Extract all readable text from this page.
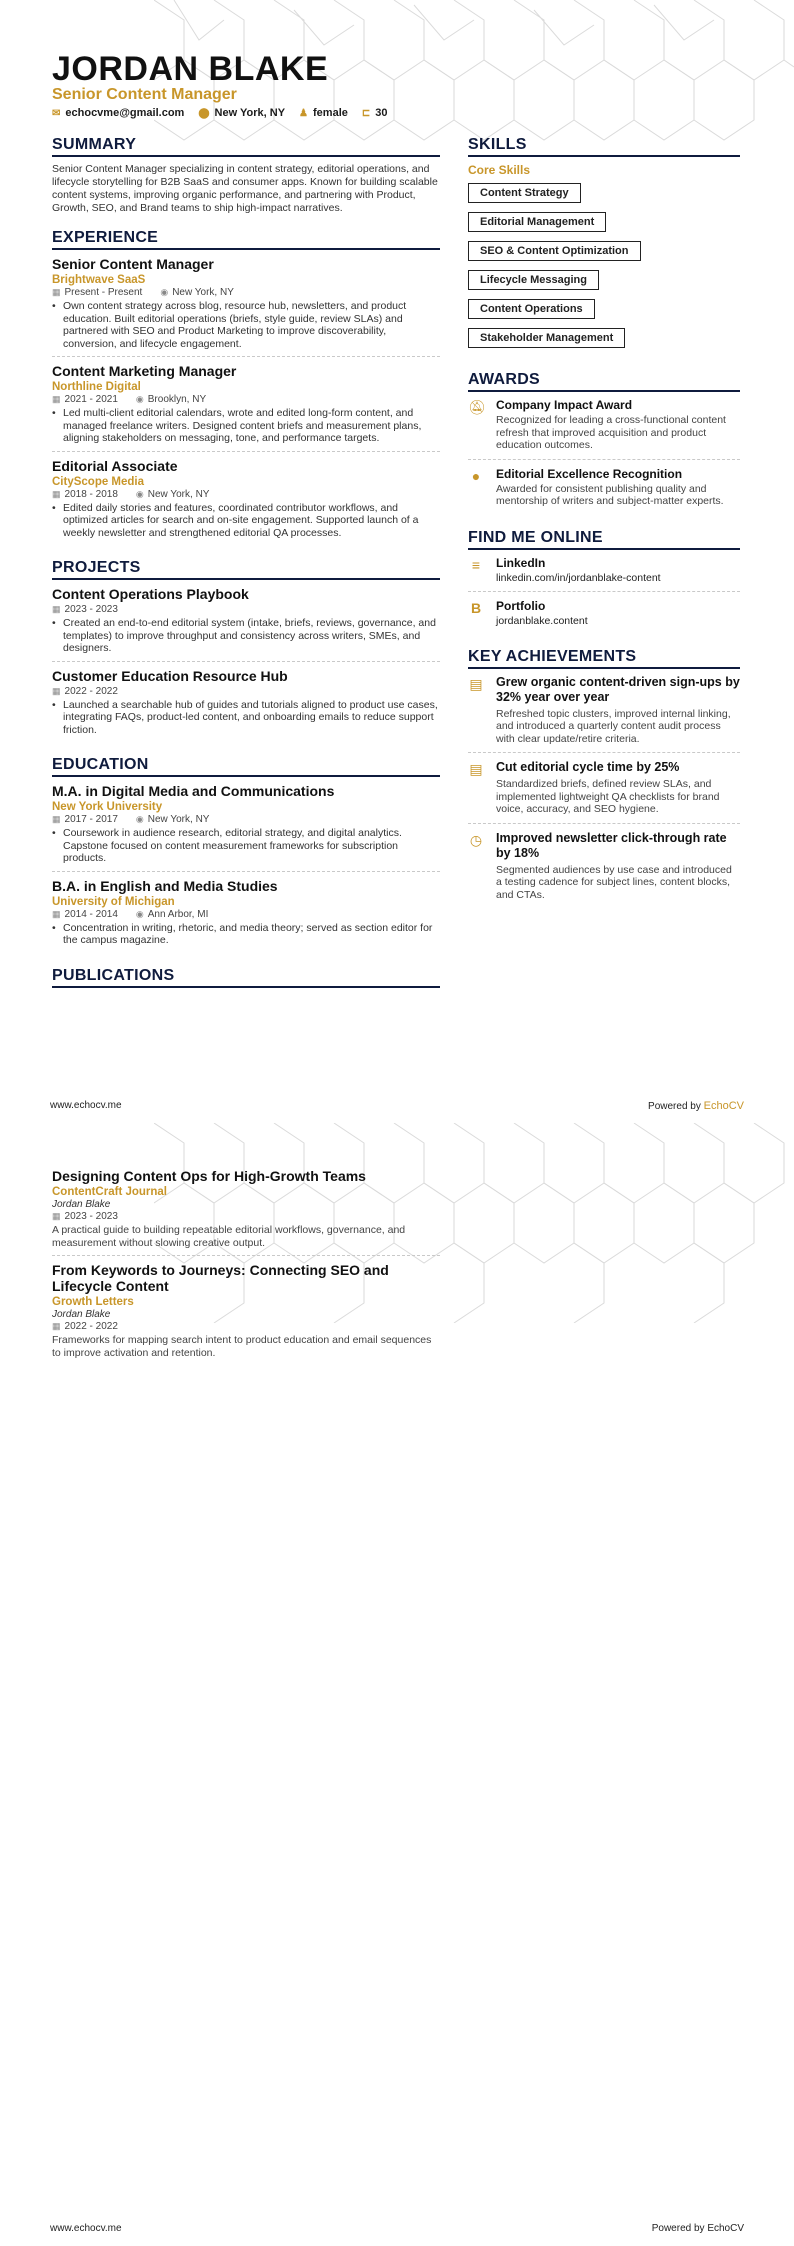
JORDAN BLAKE
Senior Content Manager
✉ echocvme@gmail.com ⬤ New York, NY ♟ female ⊏ 30
SUMMARY
Senior Content Manager specializing in content strategy, editorial operations, and lifecycle storytelling for B2B SaaS and consumer apps. Known for building scalable content systems, improving organic performance, and partnering with Product, Growth, SEO, and Brand teams to ship high-impact narratives.
EXPERIENCE
Senior Content Manager
Brightwave SaaS
▦ Present - Present ◉ New York, NY
• Own content strategy across blog, resource hub, newsletters, and product education. Built editorial operations (briefs, style guide, review SLAs) and partnered with SEO and Product Marketing to improve discoverability, conversion, and lifecycle engagement.
Content Marketing Manager
Northline Digital
▦ 2021 - 2021 ◉ Brooklyn, NY
• Led multi-client editorial calendars, wrote and edited long-form content, and managed freelance writers. Designed content briefs and measurement plans, aligning stakeholders on messaging, tone, and performance targets.
Editorial Associate
CityScope Media
▦ 2018 - 2018 ◉ New York, NY
• Edited daily stories and features, coordinated contributor workflows, and optimized articles for search and on-site engagement. Supported launch of a weekly newsletter and strengthened editorial QA processes.
PROJECTS
Content Operations Playbook
▦ 2023 - 2023
• Created an end-to-end editorial system (intake, briefs, reviews, governance, and templates) to improve throughput and consistency across writers, SMEs, and designers.
Customer Education Resource Hub
▦ 2022 - 2022
• Launched a searchable hub of guides and tutorials aligned to product use cases, integrating FAQs, product-led content, and onboarding emails to reduce support friction.
EDUCATION
M.A. in Digital Media and Communications
New York University
▦ 2017 - 2017 ◉ New York, NY
• Coursework in audience research, editorial strategy, and digital analytics. Capstone focused on content measurement frameworks for subscription products.
B.A. in English and Media Studies
University of Michigan
▦ 2014 - 2014 ◉ Ann Arbor, MI
• Concentration in writing, rhetoric, and media theory; served as section editor for the campus magazine.
PUBLICATIONS
SKILLS
Core Skills
Content Strategy
Editorial Management
SEO & Content Optimization
Lifecycle Messaging
Content Operations
Stakeholder Management
AWARDS
🔕︎ Company Impact Award
Recognized for leading a cross-functional content refresh that improved acquisition and product education outcomes.
●	Editorial Excellence Recognition
Awarded for consistent publishing quality and mentorship of writers and subject-matter experts.
FIND ME ONLINE
≡	LinkedIn
linkedin.com/in/jordanblake-content
B Portfolio
jordanblake.content
KEY ACHIEVEMENTS
▤ Grew organic content-driven sign-ups by 32% year over year
Refreshed topic clusters, improved internal linking, and introduced a quarterly content audit process with clear update/retire criteria.
▤ Cut editorial cycle time by 25%
Standardized briefs, defined review SLAs, and implemented lightweight QA checklists for brand voice, accuracy, and SEO hygiene.
◷ Improved newsletter click-through rate by 18%
Segmented audiences by use case and introduced a testing cadence for subject lines, content blocks, and CTAs.
www.echocv.me	Powered by EchoCV
Designing Content Ops for High-Growth Teams
ContentCraft Journal
Jordan Blake
▦ 2023 - 2023
A practical guide to building repeatable editorial workflows, governance, and measurement without slowing creative output.
From Keywords to Journeys: Connecting SEO and Lifecycle Content
Growth Letters
Jordan Blake
▦ 2022 - 2022
Frameworks for mapping search intent to product education and email sequences to improve activation and retention.
www.echocv.me	Powered by EchoCV
